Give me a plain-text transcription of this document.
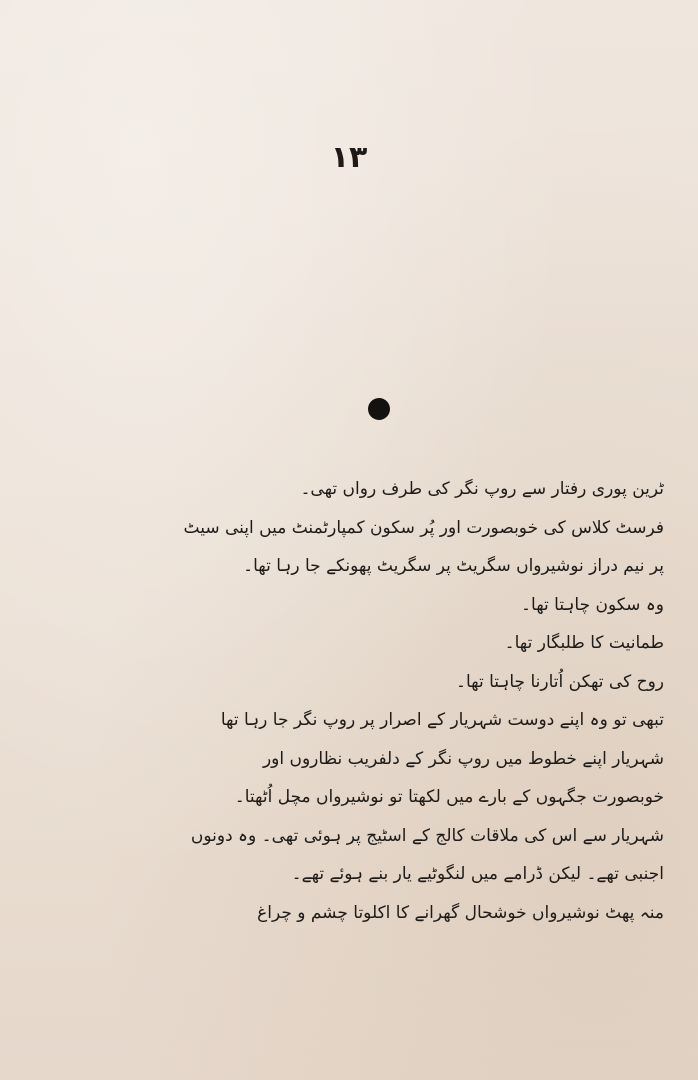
۱۳
ٹرین پوری رفتار سے روپ نگر کی طرف رواں تھی۔
فرسٹ کلاس کی خوبصورت اور پُر سکون کمپارٹمنٹ میں اپنی سیٹ
پر نیم دراز نوشیرواں سگریٹ پر سگریٹ پھونکے جا رہا تھا۔
وہ سکون چاہتا تھا۔
طمانیت کا طلبگار تھا۔
روح کی تھکن اُتارنا چاہتا تھا۔
تبھی تو وہ اپنے دوست شہریار کے اصرار پر روپ نگر جا رہا تھا
شہریار اپنے خطوط میں روپ نگر کے دلفریب نظاروں اور
خوبصورت جگہوں کے بارے میں لکھتا تو نوشیرواں مچل اُٹھتا۔
شہریار سے اس کی ملاقات کالج کے اسٹیج پر ہوئی تھی۔ وہ دونوں
اجنبی تھے۔ لیکن ڈرامے میں لنگوٹیے یار بنے ہوئے تھے۔
منہ پھٹ نوشیرواں خوشحال گھرانے کا اکلوتا چشم و چراغ
